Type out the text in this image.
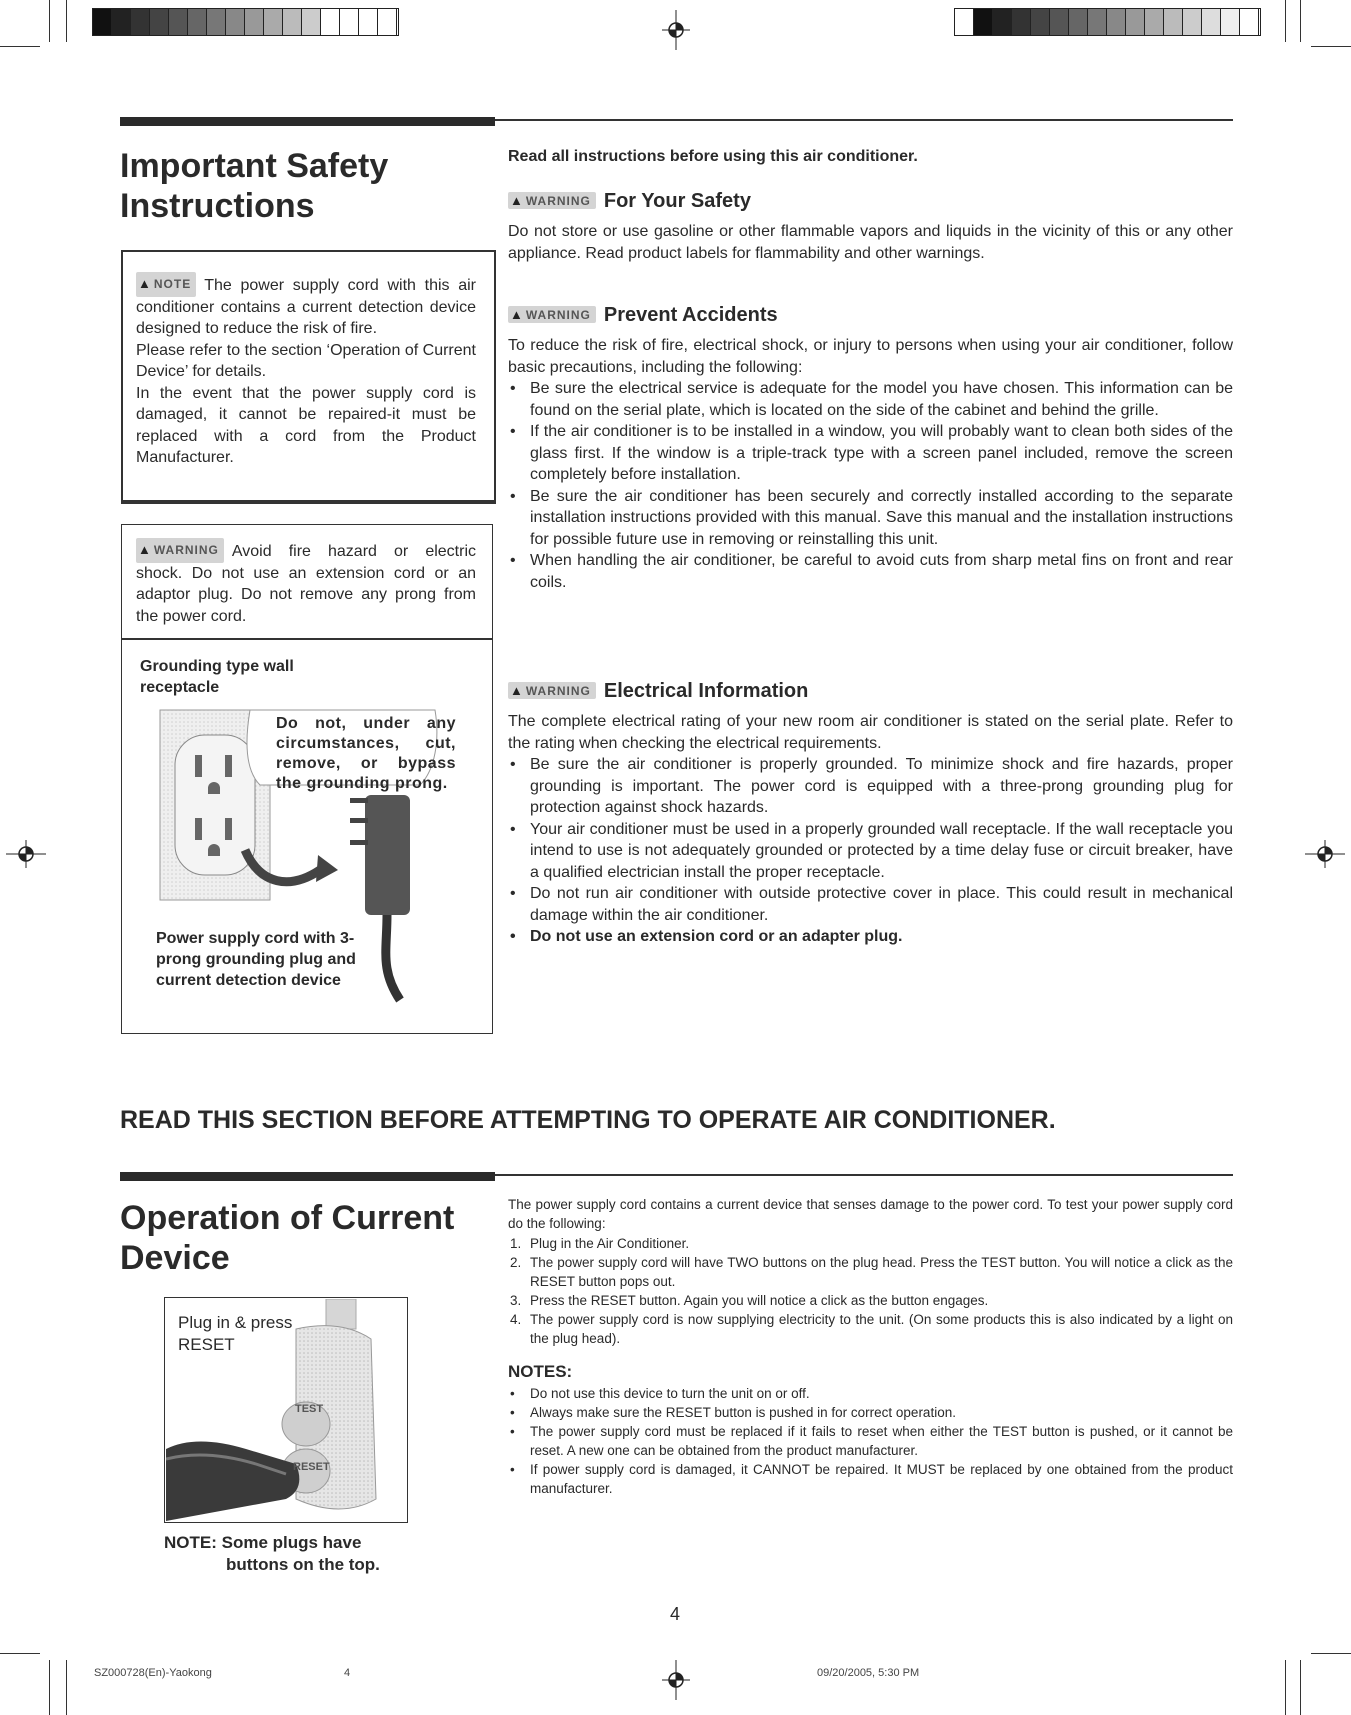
Important Safety
Instructions
▲ NOTE The power supply cord with this air conditioner contains a current detection device designed to reduce the risk of fire.
Please refer to the section ‘Operation of Current Device’ for details.
In the event that the power supply cord is damaged, it cannot be repaired-it must be replaced with a cord from the Product Manufacturer.
▲ WARNING Avoid fire hazard or electric shock. Do not use an extension cord or an adaptor plug. Do not remove any prong from the power cord.
Grounding type wall receptacle
Do not, under any circumstances, cut, remove, or bypass the grounding prong.
Power supply cord with 3-prong grounding plug and current detection device
Read all instructions before using this air conditioner.
▲ WARNING For Your Safety

Do not store or use gasoline or other flammable vapors and liquids in the vicinity of this or any other appliance. Read product labels for flammability and other warnings.

▲ WARNING Prevent Accidents

To reduce the risk of fire, electrical shock, or injury to persons when using your air conditioner, follow basic precautions, including the following:

• Be sure the electrical service is adequate for the model you have chosen. This information can be found on the serial plate, which is located on the side of the cabinet and behind the grille.
• If the air conditioner is to be installed in a window, you will probably want to clean both sides of the glass first. If the window is a triple-track type with a screen panel included, remove the screen completely before installation.
• Be sure the air conditioner has been securely and correctly installed according to the separate installation instructions provided with this manual. Save this manual and the installation instructions for possible future use in removing or reinstalling this unit.
• When handling the air conditioner, be careful to avoid cuts from sharp metal fins on front and rear coils.
▲ WARNING Electrical Information

The complete electrical rating of your new room air conditioner is stated on the serial plate. Refer to the rating when checking the electrical requirements.

• Be sure the air conditioner is properly grounded. To minimize shock and fire hazards, proper grounding is important. The power cord is equipped with a three-prong grounding plug for protection against shock hazards.
• Your air conditioner must be used in a properly grounded wall receptacle. If the wall receptacle you intend to use is not adequately grounded or protected by a time delay fuse or circuit breaker, have a qualified electrician install the proper receptacle.
• Do not run air conditioner with outside protective cover in place. This could result in mechanical damage within the air conditioner.
• Do not use an extension cord or an adapter plug.
READ THIS SECTION BEFORE ATTEMPTING TO OPERATE AIR CONDITIONER.
Operation of Current
Device
Plug in & press RESET
TEST
RESET
NOTE: Some plugs have
buttons on the top.

The power supply cord contains a current device that senses damage to the power cord. To test your power supply cord do the following:

1. Plug in the Air Conditioner.
2. The power supply cord will have TWO buttons on the plug head. Press the TEST button. You will notice a click as the RESET button pops out.
3. Press the RESET button. Again you will notice a click as the button engages.
4. The power supply cord is now supplying electricity to the unit. (On some products this is also indicated by a light on the plug head).
NOTES:
• Do not use this device to turn the unit on or off.
• Always make sure the RESET button is pushed in for correct operation.
• The power supply cord must be replaced if it fails to reset when either the TEST button is pushed, or it cannot be reset. A new one can be obtained from the product manufacturer.
• If power supply cord is damaged, it CANNOT be repaired. It MUST be replaced by one obtained from the product manufacturer.
4
SZ000728(En)-Yaokong	4	09/20/2005, 5:30 PM
